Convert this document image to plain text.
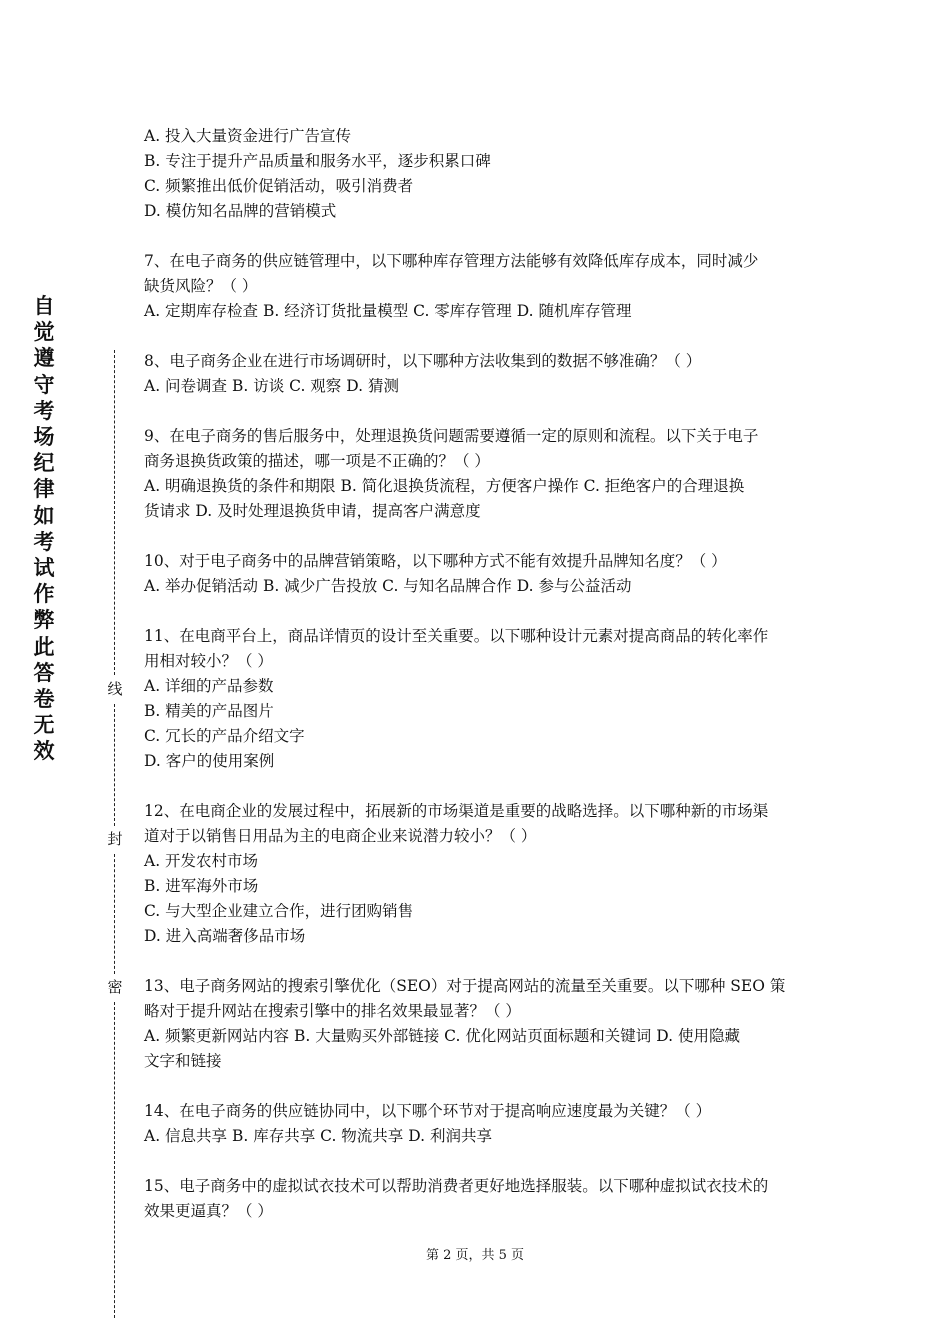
自觉遵守考场纪律如考试作弊此答卷无效
线
封
密
A. 投入大量资金进行广告宣传
B. 专注于提升产品质量和服务水平，逐步积累口碑
C. 频繁推出低价促销活动，吸引消费者
D. 模仿知名品牌的营销模式
7、在电子商务的供应链管理中，以下哪种库存管理方法能够有效降低库存成本，同时减少
缺货风险？（ ）
A. 定期库存检查 B. 经济订货批量模型 C. 零库存管理 D. 随机库存管理
8、电子商务企业在进行市场调研时，以下哪种方法收集到的数据不够准确？（ ）
A. 问卷调查 B. 访谈 C. 观察 D. 猜测
9、在电子商务的售后服务中，处理退换货问题需要遵循一定的原则和流程。以下关于电子
商务退换货政策的描述，哪一项是不正确的？（ ）
A. 明确退换货的条件和期限 B. 简化退换货流程，方便客户操作 C. 拒绝客户的合理退换
货请求 D. 及时处理退换货申请，提高客户满意度
10、对于电子商务中的品牌营销策略，以下哪种方式不能有效提升品牌知名度？（ ）
A. 举办促销活动 B. 减少广告投放 C. 与知名品牌合作 D. 参与公益活动
11、在电商平台上，商品详情页的设计至关重要。以下哪种设计元素对提高商品的转化率作
用相对较小？（ ）
A. 详细的产品参数
B. 精美的产品图片
C. 冗长的产品介绍文字
D. 客户的使用案例
12、在电商企业的发展过程中，拓展新的市场渠道是重要的战略选择。以下哪种新的市场渠
道对于以销售日用品为主的电商企业来说潜力较小？（ ）
A. 开发农村市场
B. 进军海外市场
C. 与大型企业建立合作，进行团购销售
D. 进入高端奢侈品市场
13、电子商务网站的搜索引擎优化（SEO）对于提高网站的流量至关重要。以下哪种 SEO 策
略对于提升网站在搜索引擎中的排名效果最显著？（ ）
A. 频繁更新网站内容 B. 大量购买外部链接 C. 优化网站页面标题和关键词 D. 使用隐藏
文字和链接
14、在电子商务的供应链协同中，以下哪个环节对于提高响应速度最为关键？（ ）
A. 信息共享 B. 库存共享 C. 物流共享 D. 利润共享
15、电子商务中的虚拟试衣技术可以帮助消费者更好地选择服装。以下哪种虚拟试衣技术的
效果更逼真？（ ）
第 2 页，共 5 页
